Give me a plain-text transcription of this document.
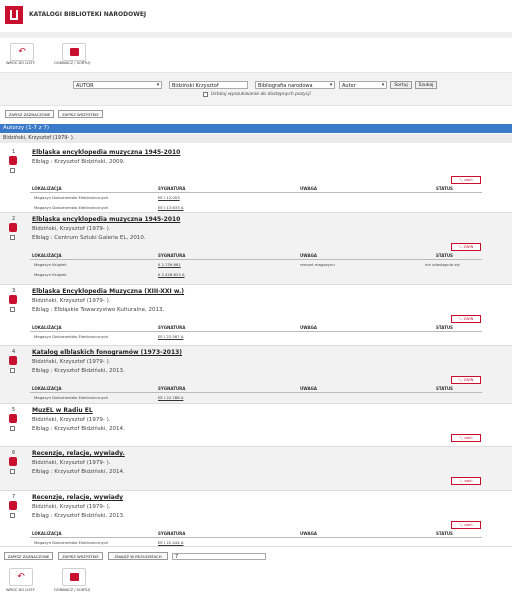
KATALOGI BIBLIOTEKI NARODOWEJ
↶
WRÓĆ DO LISTY	OGRANICZ / SORTUJ
AUTOR ▾	Bidziński Krzysztof	Bibliografia narodowa ▾	Autor ▾	Sortuj	Szukaj
Ustaluj wyszukiwanie do dostępnych pozycji
ZAPISZ ZAZNACZONE	ZAPISZ WSZYSTKIE
Autorzy (1-7 z 7)
Bidziński, Krzysztof (1979- ).
1	Elbląska encyklopedia muzyczna 1945-2010
Elbląg : Krzysztof Bidziński, 2009.
⤡ zwiń
LOKALIZACJA	SYGNATURA	UWAGA	STATUS
Magazyn Dokumentów Elektronicznych	EE I 12.053
Magazyn Dokumentów Elektronicznych	EE I 13.633 A
2	Elbląska encyklopedia muzyczna 1945-2010
Bidziński, Krzysztof (1979- ).
Elbląg : Centrum Sztuki Galeria EL, 2010.
⤡ ZWIŃ
LOKALIZACJA	SYGNATURA	UWAGA	STATUS
Magazyn Książek	II 2.739.681	remont magazynu	nie udostępnia się
Magazyn Książek	II 2.426.623 A
3	Elbląska Encyklopedia Muzyczna (XIII-XXI w.)
Bidziński, Krzysztof (1979- ).
Elbląg : Elbląskie Towarzystwo Kulturalne, 2013.
⤡ ZWIŃ
LOKALIZACJA	SYGNATURA	UWAGA	STATUS
Magazyn Dokumentów Elektronicznych	EE I 22.587 A
4	Katalog elbląskich fonogramów (1973-2013)
Bidziński, Krzysztof (1979- ).
Elbląg : Krzysztof Bidziński, 2013.
⤡ ZWIŃ
LOKALIZACJA	SYGNATURA	UWAGA	STATUS
Magazyn Dokumentów Elektronicznych	EE I 22.788 A
5	MuzEL w Radiu EL
Bidziński, Krzysztof (1979- ).
Elbląg : Krzysztof Bidziński, 2014.
⤡ zwiń
6	Recenzje, relacje, wywiady.
Bidziński, Krzysztof (1979- ).
Elbląg : Krzysztof Bidziński, 2014.
⤡ zwiń
7	Recenzje, relacje, wywiady
Bidziński, Krzysztof (1979- ).
Elbląg : Krzysztof Bidziński, 2013.
⤡ zwiń
LOKALIZACJA	SYGNATURA	UWAGA	STATUS
Magazyn Dokumentów Elektronicznych	EE I 22.444 A
ZAPISZ ZAZNACZONE	ZAPISZ WSZYSTKIE	ZNAJDŹ W REZULTATACH	7
↶
WRÓĆ DO LISTY	OGRANICZ / SORTUJ
